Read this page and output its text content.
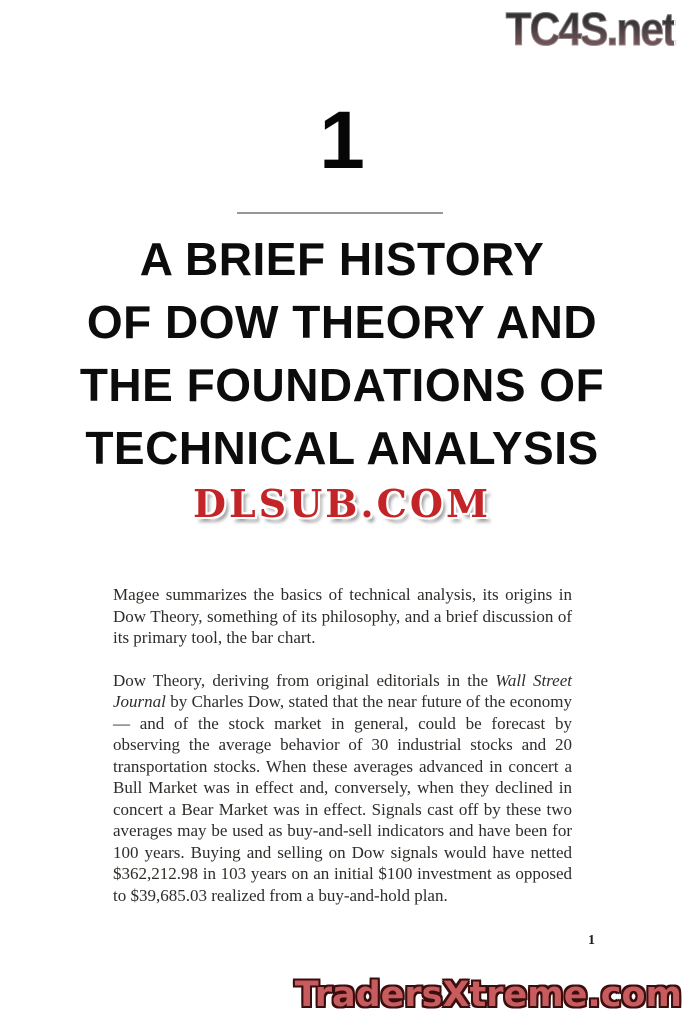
TC4S.net
1
A BRIEF HISTORY
OF DOW THEORY AND
THE FOUNDATIONS OF
TECHNICAL ANALYSIS
DLSUB.COM

Magee summarizes the basics of technical analysis, its origins in Dow Theory, something of its philosophy, and a brief discussion of its primary tool, the bar chart.

Dow Theory, deriving from original editorials in the Wall Street Journal by Charles Dow, stated that the near future of the economy — and of the stock market in general, could be forecast by observing the average behavior of 30 industrial stocks and 20 transportation stocks. When these averages advanced in concert a Bull Market was in effect and, conversely, when they declined in concert a Bear Market was in effect. Signals cast off by these two averages may be used as buy-and-sell indicators and have been for 100 years. Buying and selling on Dow signals would have netted $362,212.98 in 103 years on an initial $100 investment as opposed to $39,685.03 realized from a buy-and-hold plan.

1
TradersXtreme.com
